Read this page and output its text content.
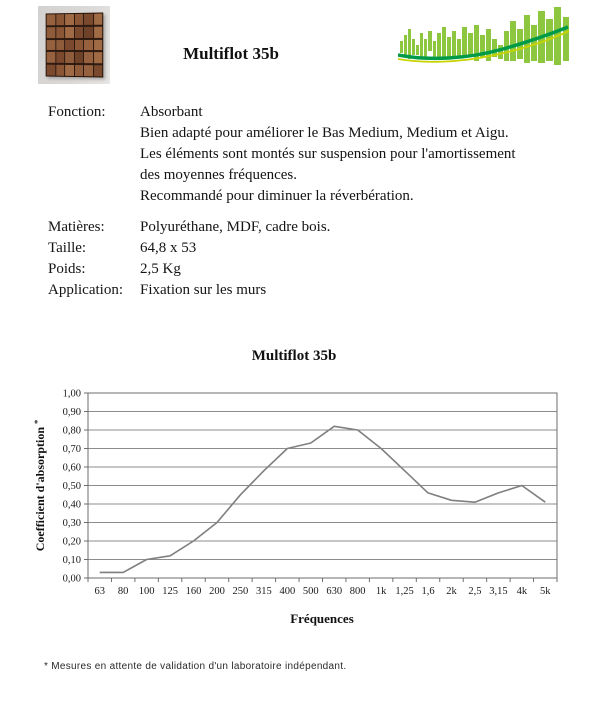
Multiflot 35b
Fonction:	Absorbant
Bien adapté pour améliorer le Bas Medium, Medium et Aigu.
Les éléments sont montés sur suspension pour l'amortissement
des moyennes fréquences.
Recommandé pour diminuer la réverbération.
Matières:	Polyuréthane, MDF, cadre bois.
Taille:	64,8 x 53
Poids:	2,5 Kg
Application:	Fixation sur les murs
Multiflot 35b
1,00
0,90
0,80
0,70
0,60
0,50
0,40
0,30
0,20
0,10
0,00
63 80 100 125 160 200 250 315 400 500 630 800 1k 1,25 1,6 2k 2,5 3,15 4k 5k
Coefficient d'absorption *
Fréquences
* Mesures en attente de validation d'un laboratoire indépendant.
